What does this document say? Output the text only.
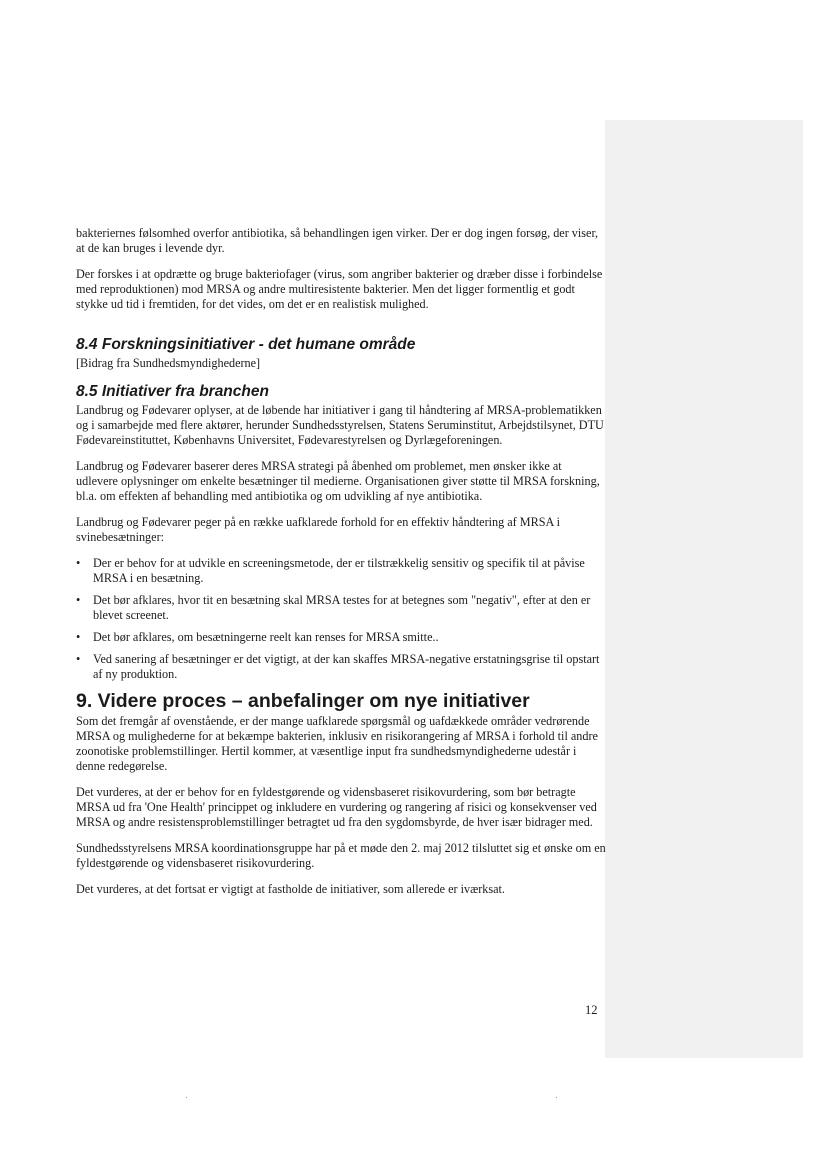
bakteriernes følsomhed overfor antibiotika, så behandlingen igen virker. Der er dog ingen forsøg, der viser, at de kan bruges i levende dyr.

Der forskes i at opdrætte og bruge bakteriofager (virus, som angriber bakterier og dræber disse i forbindelse med reproduktionen) mod MRSA og andre multiresistente bakterier. Men det ligger formentlig et godt stykke ud tid i fremtiden, for det vides, om det er en realistisk mulighed.

8.4 Forskningsinitiativer - det humane område

[Bidrag fra Sundhedsmyndighederne]

8.5 Initiativer fra branchen

Landbrug og Fødevarer oplyser, at de løbende har initiativer i gang til håndtering af MRSA-problematikken og i samarbejde med flere aktører, herunder Sundhedsstyrelsen, Statens Seruminstitut, Arbejdstilsynet, DTU Fødevareinstituttet, Københavns Universitet, Fødevarestyrelsen og Dyrlægeforeningen.

Landbrug og Fødevarer baserer deres MRSA strategi på åbenhed om problemet, men ønsker ikke at udlevere oplysninger om enkelte besætninger til medierne. Organisationen giver støtte til MRSA forskning, bl.a. om effekten af behandling med antibiotika og om udvikling af nye antibiotika.

Landbrug og Fødevarer peger på en række uafklarede forhold for en effektiv håndtering af MRSA i svinebesætninger:

• Der er behov for at udvikle en screeningsmetode, der er tilstrækkelig sensitiv og specifik til at påvise MRSA i en besætning.
• Det bør afklares, hvor tit en besætning skal MRSA testes for at betegnes som "negativ", efter at den er blevet screenet.
• Det bør afklares, om besætningerne reelt kan renses for MRSA smitte..
• Ved sanering af besætninger er det vigtigt, at der kan skaffes MRSA-negative erstatningsgrise til opstart af ny produktion.
9. Videre proces – anbefalinger om nye initiativer

Som det fremgår af ovenstående, er der mange uafklarede spørgsmål og uafdækkede områder vedrørende MRSA og mulighederne for at bekæmpe bakterien, inklusiv en risikorangering af MRSA i forhold til andre zoonotiske problemstillinger. Hertil kommer, at væsentlige input fra sundhedsmyndighederne udestår i denne redegørelse.

Det vurderes, at der er behov for en fyldestgørende og vidensbaseret risikovurdering, som bør betragte MRSA ud fra 'One Health' princippet og inkludere en vurdering og rangering af risici og konsekvenser ved MRSA og andre resistensproblemstillinger betragtet ud fra den sygdomsbyrde, de hver især bidrager med.

Sundhedsstyrelsens MRSA koordinationsgruppe har på et møde den 2. maj 2012 tilsluttet sig et ønske om en fyldestgørende og vidensbaseret risikovurdering.

Det vurderes, at det fortsat er vigtigt at fastholde de initiativer, som allerede er iværksat.

12
